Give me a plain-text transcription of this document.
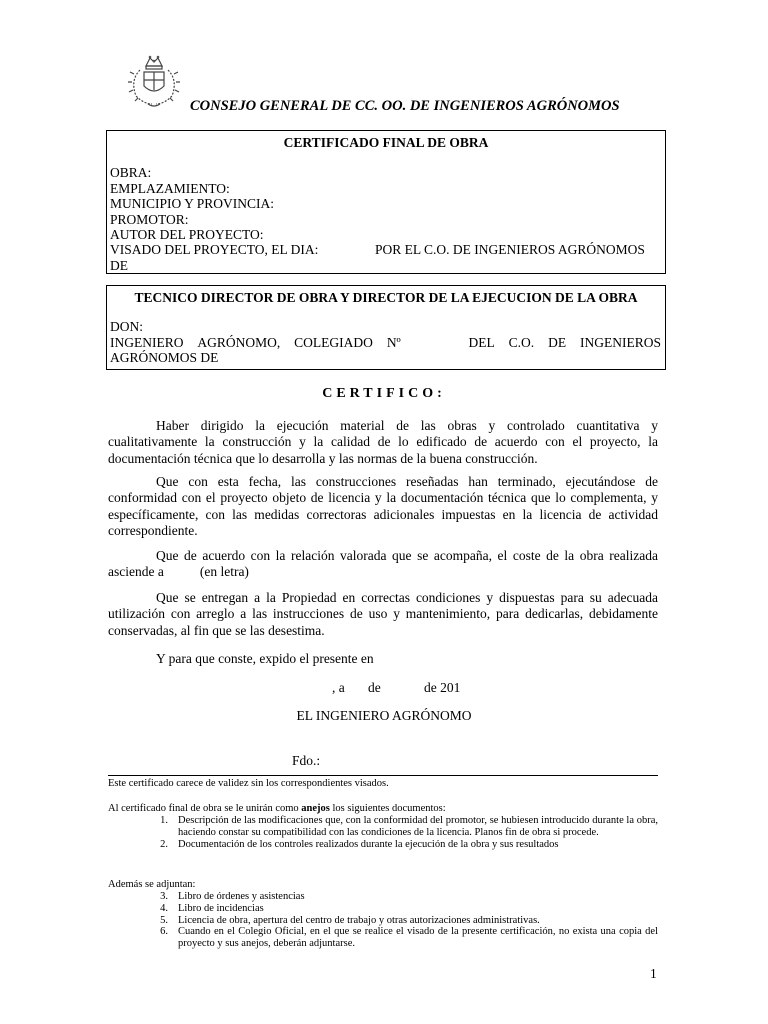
CONSEJO GENERAL DE CC. OO. DE INGENIEROS AGRÓNOMOS
CERTIFICADO FINAL DE OBRA
OBRA:
EMPLAZAMIENTO:
MUNICIPIO Y PROVINCIA:
PROMOTOR:
AUTOR DEL PROYECTO:
VISADO DEL PROYECTO, EL DIA:	POR EL C.O. DE INGENIEROS AGRÓNOMOS
DE
TECNICO DIRECTOR DE OBRA Y DIRECTOR DE LA EJECUCION DE LA OBRA
DON:
INGENIERO AGRÓNOMO, COLEGIADO Nº	DEL C.O. DE INGENIEROS
AGRÓNOMOS DE
CERTIFICO:

Haber dirigido la ejecución material de las obras y controlado cuantitativa y cualitativamente la construcción y la calidad de lo edificado de acuerdo con el proyecto, la documentación técnica que lo desarrolla y las normas de la buena construcción.

Que con esta fecha, las construcciones reseñadas han terminado, ejecutándose de conformidad con el proyecto objeto de licencia y la documentación técnica que lo complementa, y específicamente, con las medidas correctoras adicionales impuestas en la licencia de actividad correspondiente.

Que de acuerdo con la relación valorada que se acompaña, el coste de la obra realizada asciende a	(en letra)

Que se entregan a la Propiedad en correctas condiciones y dispuestas para su adecuada utilización con arreglo a las instrucciones de uso y mantenimiento, para dedicarlas, debidamente conservadas, al fin que se las desestima.

Y para que conste, expido el presente en

, a de	de 201
EL INGENIERO AGRÓNOMO
Fdo.:
Este certificado carece de validez sin los correspondientes visados.
Al certificado final de obra se le unirán como anejos los siguientes documentos:
1. Descripción de las modificaciones que, con la conformidad del promotor, se hubiesen introducido durante la obra, haciendo constar su compatibilidad con las condiciones de la licencia. Planos fin de obra si procede.
2. Documentación de los controles realizados durante la ejecución de la obra y sus resultados
Además se adjuntan:
3. Libro de órdenes y asistencias
4. Libro de incidencias
5. Licencia de obra, apertura del centro de trabajo y otras autorizaciones administrativas.
6. Cuando en el Colegio Oficial, en el que se realice el visado de la presente certificación, no exista una copia del proyecto y sus anejos, deberán adjuntarse.
1
